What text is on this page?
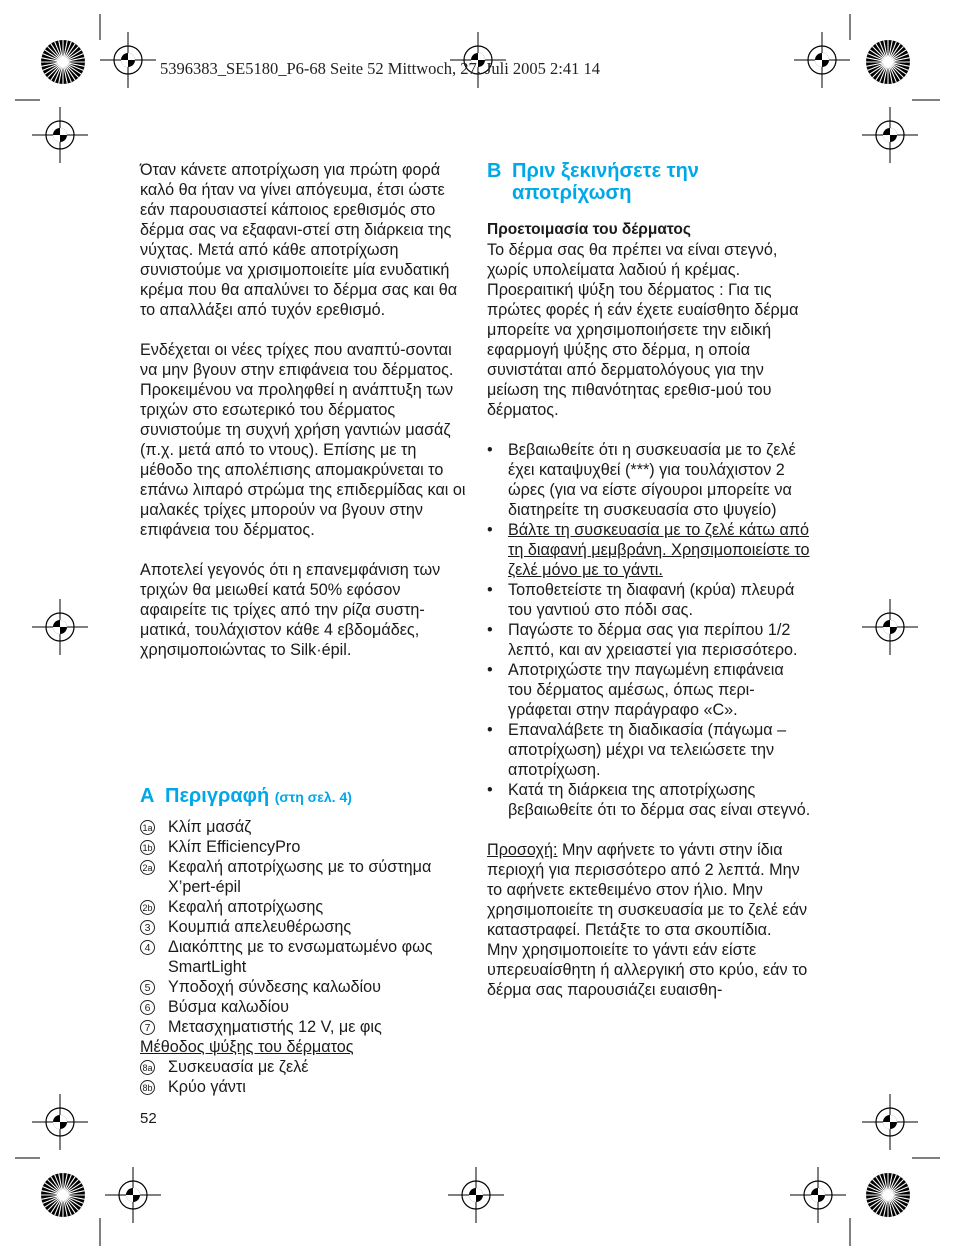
5396383_SE5180_P6-68 Seite 52 Mittwoch, 27. Juli 2005 2:41 14

Όταν κάνετε αποτρίχωση για πρώτη φορά καλό θα ήταν να γίνει απόγευμα, έτσι ώστε εάν παρουσιαστεί κάποιος ερεθισμός στο δέρμα σας να εξαφανι-στεί στη διάρκεια της νύχτας. Μετά από κάθε αποτρίχωση συνιστούμε να χρισιμοποιείτε μία ενυδατική κρέμα που θα απαλύνει το δέρμα σας και θα το απαλλάξει από τυχόν ερεθισμό.

Ενδέχεται οι νέες τρίχες που αναπτύ-σονται να μην βγουν στην επιφάνεια του δέρματος. Προκειμένου να προληφθεί η ανάπτυξη των τριχών στο εσωτερικό του δέρματος συνιστούμε τη συχνή χρήση γαντιών μασάζ (π.χ. μετά από το ντους). Επίσης με τη μέθοδο της απολέπισης απομακρύνεται το επάνω λιπαρό στρώμα της επιδερμίδας και οι μαλακές τρίχες μπορούν να βγουν στην επιφάνεια του δέρματος.

Αποτελεί γεγονός ότι η επανεμφάνιση των τριχών θα μειωθεί κατά 50% εφόσον αφαιρείτε τις τρίχες από την ρίζα συστη-ματικά, τουλάχιστον κάθε 4 εβδομάδες, χρησιμοποιώντας το Silk·épil.

A Περιγραφή (στη σελ. 4)
1a Κλίπ μασάζ
1b Κλίπ EfficiencyPro
2a Κεφαλή αποτρίχωσης με το σύστημα X’pert-épil
2b Κεφαλή αποτρίχωσης
3 Κουμπιά απελευθέρωσης
4 Διακόπτης με το ενσωματωμένο φως SmartLight
5 Υποδοχή σύνδεσης καλωδίου
6 Βύσμα καλωδίου
7 Μετασχηματιστής 12 V, με φις
Μέθοδος ψύξης του δέρματος
8a Συσκευασία με ζελέ
8b Κρύο γάντι
52
B Πριν ξεκινήσετε την
αποτρίχωση
Προετοιμασία του δέρματος

Το δέρμα σας θα πρέπει να είναι στεγνό, χωρίς υπολείματα λαδιού ή κρέμας. Προεραιτική ψύξη του δέρματος : Για τις πρώτες φορές ή εάν έχετε ευαίσθητο δέρμα μπορείτε να χρησιμοποιήσετε την ειδική εφαρμογή ψύξης στο δέρμα, η οποία συνιστάται από δερματολόγους για την μείωση της πιθανότητας ερεθισ-μού του δέρματος.

• Βεβαιωθείτε ότι η συσκευασία με το ζελέ έχει καταψυχθεί (***) για τουλάχιστον 2 ώρες (για να είστε σίγουροι μπορείτε να διατηρείτε τη συσκευασία στο ψυγείο)
• Βάλτε τη συσκευασία με το ζελέ κάτω από τη διαφανή μεμβράνη. Χρησιμοποιείστε το ζελέ μόνο με το γάντι.
• Τοποθετείστε τη διαφανή (κρύα) πλευρά του γαντιού στο πόδι σας.
• Παγώστε το δέρμα σας για περίπου 1/2 λεπτό, και αν χρειαστεί για περισσότερο.
• Αποτριχώστε την παγωμένη επιφάνεια του δέρματος αμέσως, όπως περι-γράφεται στην παράγραφο «C».
• Επαναλάβετε τη διαδικασία (πάγωμα – αποτρίχωση) μέχρι να τελειώσετε την αποτρίχωση.
• Κατά τη διάρκεια της αποτρίχωσης βεβαιωθείτε ότι το δέρμα σας είναι στεγνό.

Προσοχή: Μην αφήνετε το γάντι στην ίδια περιοχή για περισσότερο από 2 λεπτά. Μην το αφήνετε εκτεθειμένο στον ήλιο. Μην χρησιμοποιείτε τη συσκευασία με το ζελέ εάν καταστραφεί. Πετάξτε το στα σκουπίδια.

Μην χρησιμοποιείτε το γάντι εάν είστε υπερευαίσθητη ή αλλεργική στο κρύο, εάν το δέρμα σας παρουσιάζει ευαισθη-
